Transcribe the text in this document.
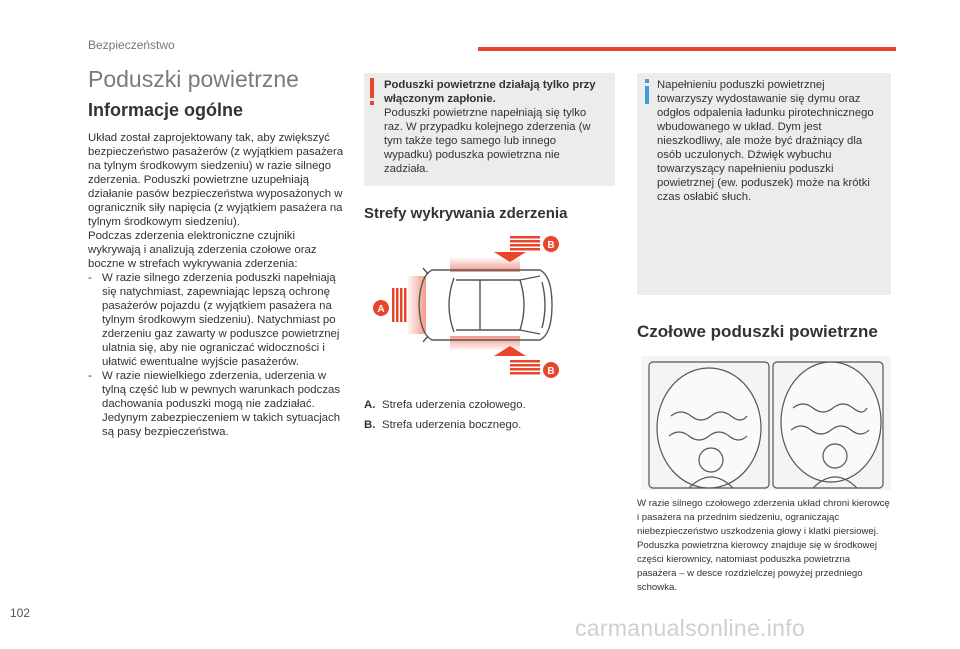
Bezpieczeństwo
Poduszki powietrzne
Informacje ogólne
Układ został zaprojektowany tak, aby zwiększyć bezpieczeństwo pasażerów (z wyjątkiem pasażera na tylnym środkowym siedzeniu) w razie silnego zderzenia. Poduszki powietrzne uzupełniają działanie pasów bezpieczeństwa wyposażonych w ogranicznik siły napięcia (z wyjątkiem pasażera na tylnym środkowym siedzeniu).
Podczas zderzenia elektroniczne czujniki wykrywają i analizują zderzenia czołowe oraz boczne w strefach wykrywania zderzenia:
- W razie silnego zderzenia poduszki napełniają się natychmiast, zapewniając lepszą ochronę pasażerów pojazdu (z wyjątkiem pasażera na tylnym środkowym siedzeniu). Natychmiast po zderzeniu gaz zawarty w poduszce powietrznej ulatnia się, aby nie ograniczać widoczności i ułatwić ewentualne wyjście pasażerów.
- W razie niewielkiego zderzenia, uderzenia w tylną część lub w pewnych warunkach podczas dachowania poduszki mogą nie zadziałać. Jedynym zabezpieczeniem w takich sytuacjach są pasy bezpieczeństwa.
Poduszki powietrzne działają tylko przy włączonym zapłonie.
Poduszki powietrzne napełniają się tylko raz. W przypadku kolejnego zderzenia (w tym także tego samego lub innego wypadku) poduszka powietrzna nie zadziała.
Napełnieniu poduszki powietrznej towarzyszy wydostawanie się dymu oraz odgłos odpalenia ładunku pirotechnicznego wbudowanego w układ. Dym jest nieszkodliwy, ale może być drażniący dla osób uczulonych. Dźwięk wybuchu towarzyszący napełnieniu poduszki powietrznej (ew. poduszek) może na krótki czas osłabić słuch.
Strefy wykrywania zderzenia
B
B
A
A. Strefa uderzenia czołowego.
B. Strefa uderzenia bocznego.
Czołowe poduszki powietrzne
W razie silnego czołowego zderzenia układ chroni kierowcę i pasażera na przednim siedzeniu, ograniczając niebezpieczeństwo uszkodzenia głowy i klatki piersiowej. Poduszka powietrzna kierowcy znajduje się w środkowej części kierownicy, natomiast poduszka powietrzna pasażera – w desce rozdzielczej powyżej przedniego schowka.
102
carmanualsonline.info
